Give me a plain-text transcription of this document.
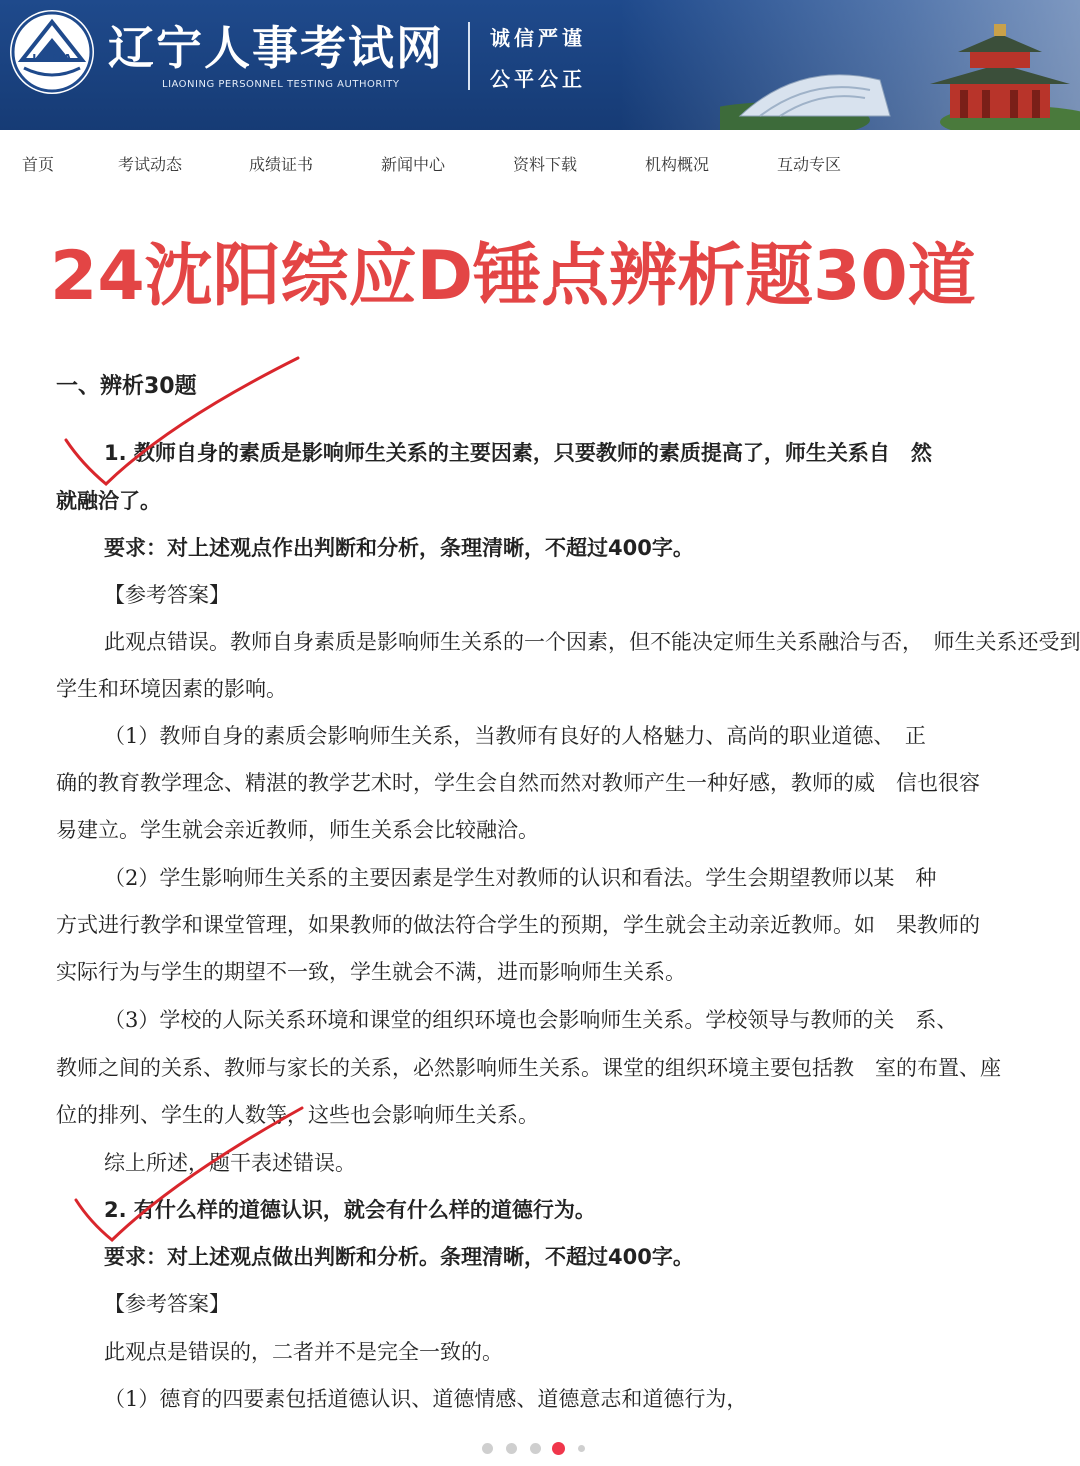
LNPTA 辽宁人事考试网
LIAONING PERSONNEL TESTING AUTHORITY
诚信严谨
公平公正
首页	考试动态	成绩证书	新闻中心	资料下载	机构概况	互动专区
24沈阳综应D锤点辨析题30道
一、辨析30题
1. 教师自身的素质是影响师生关系的主要因素，只要教师的素质提高了，师生关系自　然
就融洽了。
要求：对上述观点作出判断和分析，条理清晰，不超过400字。
【参考答案】
此观点错误。教师自身素质是影响师生关系的一个因素，但不能决定师生关系融洽与否，　师生关系还受到
学生和环境因素的影响。
（1）教师自身的素质会影响师生关系，当教师有良好的人格魅力、高尚的职业道德、　正
确的教育教学理念、精湛的教学艺术时，学生会自然而然对教师产生一种好感，教师的威　信也很容
易建立。学生就会亲近教师，师生关系会比较融洽。
（2）学生影响师生关系的主要因素是学生对教师的认识和看法。学生会期望教师以某　种
方式进行教学和课堂管理，如果教师的做法符合学生的预期，学生就会主动亲近教师。如　果教师的
实际行为与学生的期望不一致，学生就会不满，进而影响师生关系。
（3）学校的人际关系环境和课堂的组织环境也会影响师生关系。学校领导与教师的关　系、
教师之间的关系、教师与家长的关系，必然影响师生关系。课堂的组织环境主要包括教　室的布置、座
位的排列、学生的人数等，这些也会影响师生关系。
综上所述，题干表述错误。
2. 有什么样的道德认识，就会有什么样的道德行为。
要求：对上述观点做出判断和分析。条理清晰，不超过400字。
【参考答案】
此观点是错误的，二者并不是完全一致的。
（1）德育的四要素包括道德认识、道德情感、道德意志和道德行为，
